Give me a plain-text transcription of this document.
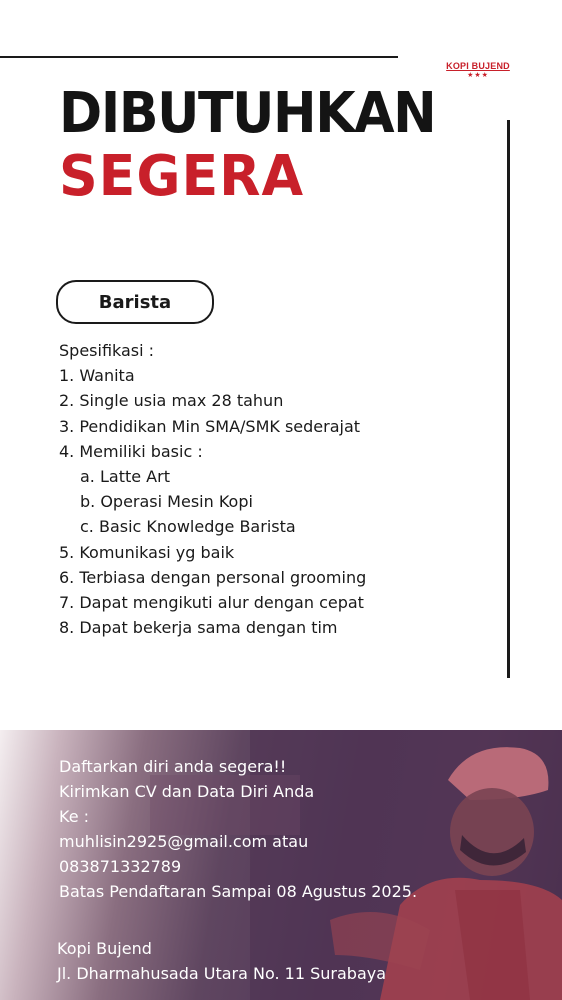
KOPI BUJEND
★★★
DIBUTUHKAN
SEGERA
Barista
Spesifikasi :
1. Wanita
2. Single usia max 28 tahun
3. Pendidikan Min SMA/SMK sederajat
4. Memiliki basic :
a. Latte Art
b. Operasi Mesin Kopi
c. Basic Knowledge Barista
5. Komunikasi yg baik
6. Terbiasa dengan personal grooming
7. Dapat mengikuti alur dengan cepat
8. Dapat bekerja sama dengan tim
Daftarkan diri anda segera!!
Kirimkan CV dan Data Diri Anda
Ke :
muhlisin2925@gmail.com atau
083871332789
Batas Pendaftaran Sampai 08 Agustus 2025.
Kopi Bujend
Jl. Dharmahusada Utara No. 11 Surabaya
